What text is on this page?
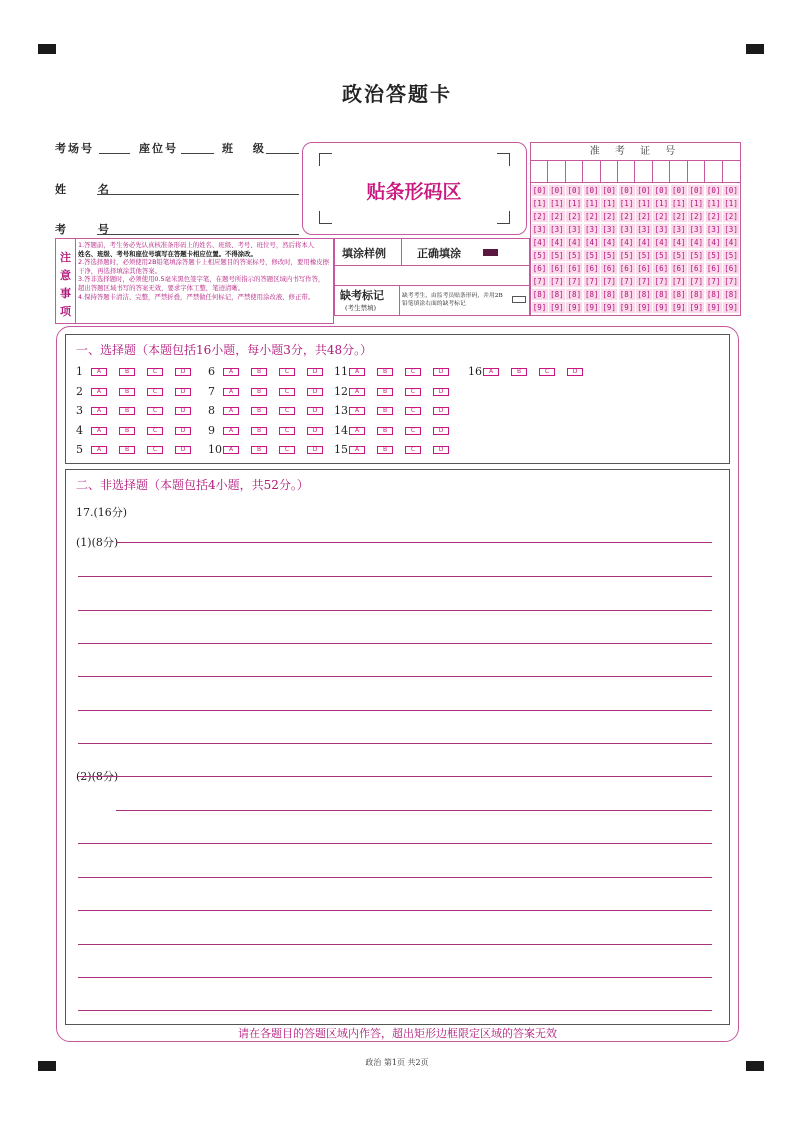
政治答题卡
考场号	座位号	班 级
姓 名
考 号
贴条形码区
准 考 证 号
[0] [0] [0] [0] [0] [0] [0] [0] [0] [0] [0] [0]
[1] [1] [1] [1] [1] [1] [1] [1] [1] [1] [1] [1]
[2] [2] [2] [2] [2] [2] [2] [2] [2] [2] [2] [2]
[3] [3] [3] [3] [3] [3] [3] [3] [3] [3] [3] [3]
[4] [4] [4] [4] [4] [4] [4] [4] [4] [4] [4] [4]
[5] [5] [5] [5] [5] [5] [5] [5] [5] [5] [5] [5]
[6] [6] [6] [6] [6] [6] [6] [6] [6] [6] [6] [6]
[7] [7] [7] [7] [7] [7] [7] [7] [7] [7] [7] [7]
[8] [8] [8] [8] [8] [8] [8] [8] [8] [8] [8] [8]
[9] [9] [9] [9] [9] [9] [9] [9] [9] [9] [9] [9]
注意事项
1.答题前，考生务必先认真核准条形码上的姓名、班级、考号、班位号，然后将本人
姓名、班级、考号和座位号填写在答题卡相应位置。不得涂改。
2.答选择题时，必须使用2B铅笔填涂答题卡上相应题目的答案标号，修改时，要用橡皮擦干净，再选择填涂其他答案。
3.答非选择题时，必须使用0.5毫米黑色签字笔，在题号所指示的答题区域内书写作答，超出答题区域书写的答案无效，要求字体工整，笔迹清晰。
4.保持答题卡清洁、完整，严禁折叠，严禁做任何标记，严禁使用涂改液、修正带。
填涂样例	正确填涂
缺考标记
(考生禁填)
缺考考生，由监考员贴条形码，并用2B铅笔填涂右面的缺考标记
一、选择题（本题包括16小题，每小题3分，共48分。）
1	A	B	C	D
2	A	B	C	D
3	A	B	C	D
4	A	B	C	D
5	A	B	C	D
6	A	B	C	D
7	A	B	C	D
8	A	B	C	D
9	A	B	C	D
10	A	B	C	D
11	A	B	C	D
12	A	B	C	D
13	A	B	C	D
14	A	B	C	D
15	A	B	C	D
16	A	B	C	D
二、非选择题（本题包括4小题，共52分。）
17.(16分)
(1)(8分)
(2)(8分)
请在各题目的答题区域内作答，超出矩形边框限定区域的答案无效
政治 第1页 共2页
